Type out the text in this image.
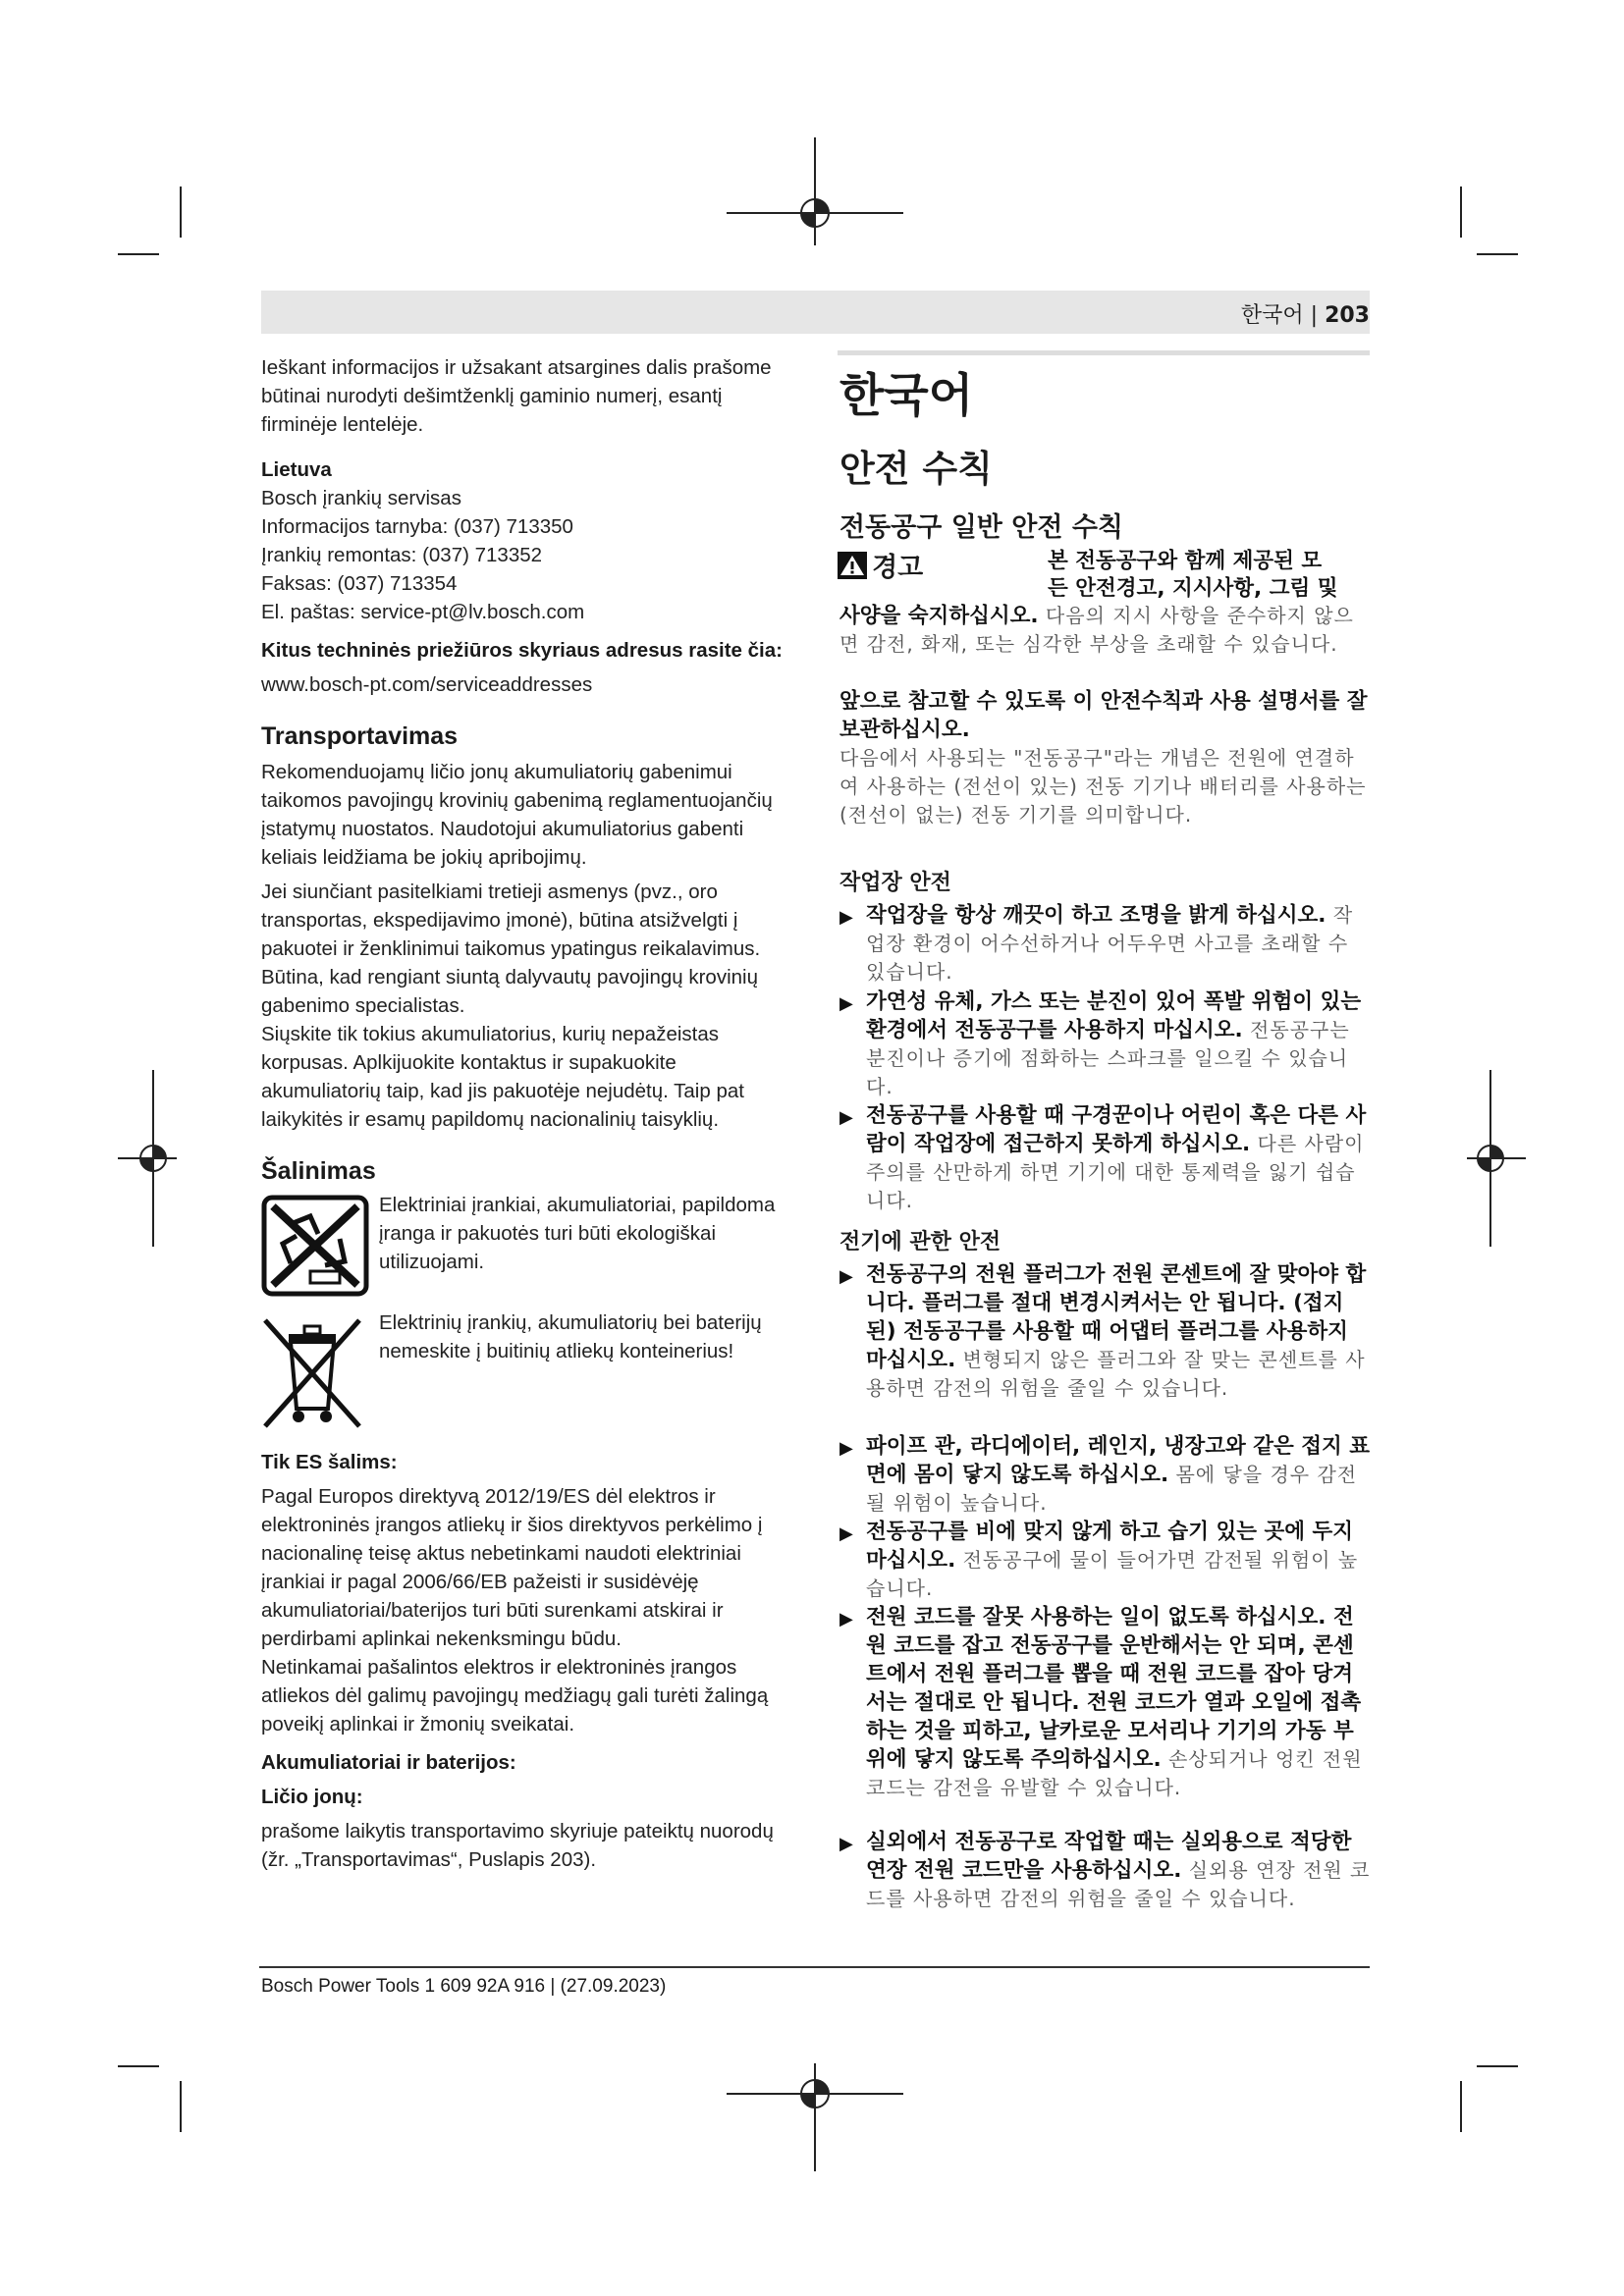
한국어 | 203

Ieškant informacijos ir užsakant atsargines dalis prašome būtinai nurodyti dešimtženklį gaminio numerį, esantį firminėje lentelėje.

Lietuva
Bosch įrankių servisas
Informacijos tarnyba: (037) 713350
Įrankių remontas: (037) 713352
Faksas: (037) 713354
El. paštas: service-pt@lv.bosch.com
Kitus techninės priežiūros skyriaus adresus rasite čia:
www.bosch-pt.com/serviceaddresses
Transportavimas

Rekomenduojamų ličio jonų akumuliatorių gabenimui taikomos pavojingų krovinių gabenimą reglamentuojančių įstatymų nuostatos. Naudotojui akumuliatorius gabenti keliais leidžiama be jokių apribojimų.

Jei siunčiant pasitelkiami tretieji asmenys (pvz., oro transportas, ekspedijavimo įmonė), būtina atsižvelgti į pakuotei ir ženklinimui taikomus ypatingus reikalavimus. Būtina, kad rengiant siuntą dalyvautų pavojingų krovinių gabenimo specialistas.

Siųskite tik tokius akumuliatorius, kurių nepažeistas korpusas. Aplkijuokite kontaktus ir supakuokite akumuliatorių taip, kad jis pakuotėje nejudėtų. Taip pat laikykitės ir esamų papildomų nacionalinių taisyklių.

Šalinimas
Elektriniai įrankiai, akumuliatoriai, papildoma įranga ir pakuotės turi būti ekologiškai utilizuojami.
Elektrinių įrankių, akumuliatorių bei baterijų nemeskite į buitinių atliekų konteinerius!
Tik ES šalims:

Pagal Europos direktyvą 2012/19/ES dėl elektros ir elektroninės įrangos atliekų ir šios direktyvos perkėlimo į nacionalinę teisę aktus nebetinkami naudoti elektriniai įrankiai ir pagal 2006/66/EB pažeisti ir susidėvėję akumuliatoriai/baterijos turi būti surenkami atskirai ir perdirbami aplinkai nekenksmingu būdu.

Netinkamai pašalintos elektros ir elektroninės įrangos atliekos dėl galimų pavojingų medžiagų gali turėti žalingą poveikį aplinkai ir žmonių sveikatai.

Akumuliatoriai ir baterijos:
Ličio jonų:

prašome laikytis transportavimo skyriuje pateiktų nuorodų (žr. „Transportavimas“, Puslapis 203).

한국어
안전 수칙
전동공구 일반 안전 수칙
경고	본 전동공구와 함께 제공된 모
든 안전경고, 지시사항, 그림 및
사양을 숙지하십시오. 다음의 지시 사항을 준수하지 않으면 감전, 화재, 또는 심각한 부상을 초래할 수 있습니다.
앞으로 참고할 수 있도록 이 안전수칙과 사용 설명서를 잘 보관하십시오.
다음에서 사용되는 "전동공구"라는 개념은 전원에 연결하여 사용하는 (전선이 있는) 전동 기기나 배터리를 사용하는 (전선이 없는) 전동 기기를 의미합니다.
작업장 안전
▶ 작업장을 항상 깨끗이 하고 조명을 밝게 하십시오. 작업장 환경이 어수선하거나 어두우면 사고를 초래할 수 있습니다.
▶ 가연성 유체, 가스 또는 분진이 있어 폭발 위험이 있는 환경에서 전동공구를 사용하지 마십시오. 전동공구는 분진이나 증기에 점화하는 스파크를 일으킬 수 있습니다.
▶ 전동공구를 사용할 때 구경꾼이나 어린이 혹은 다른 사람이 작업장에 접근하지 못하게 하십시오. 다른 사람이 주의를 산만하게 하면 기기에 대한 통제력을 잃기 쉽습니다.
전기에 관한 안전
▶ 전동공구의 전원 플러그가 전원 콘센트에 잘 맞아야 합니다. 플러그를 절대 변경시켜서는 안 됩니다. (접지된) 전동공구를 사용할 때 어댑터 플러그를 사용하지 마십시오. 변형되지 않은 플러그와 잘 맞는 콘센트를 사용하면 감전의 위험을 줄일 수 있습니다.
▶ 파이프 관, 라디에이터, 레인지, 냉장고와 같은 접지 표면에 몸이 닿지 않도록 하십시오. 몸에 닿을 경우 감전될 위험이 높습니다.
▶ 전동공구를 비에 맞지 않게 하고 습기 있는 곳에 두지 마십시오. 전동공구에 물이 들어가면 감전될 위험이 높습니다.
▶ 전원 코드를 잘못 사용하는 일이 없도록 하십시오. 전원 코드를 잡고 전동공구를 운반해서는 안 되며, 콘센트에서 전원 플러그를 뽑을 때 전원 코드를 잡아 당겨서는 절대로 안 됩니다. 전원 코드가 열과 오일에 접촉하는 것을 피하고, 날카로운 모서리나 기기의 가동 부위에 닿지 않도록 주의하십시오. 손상되거나 엉킨 전원 코드는 감전을 유발할 수 있습니다.
▶ 실외에서 전동공구로 작업할 때는 실외용으로 적당한 연장 전원 코드만을 사용하십시오. 실외용 연장 전원 코드를 사용하면 감전의 위험을 줄일 수 있습니다.
Bosch Power Tools 1 609 92A 916 | (27.09.2023)
